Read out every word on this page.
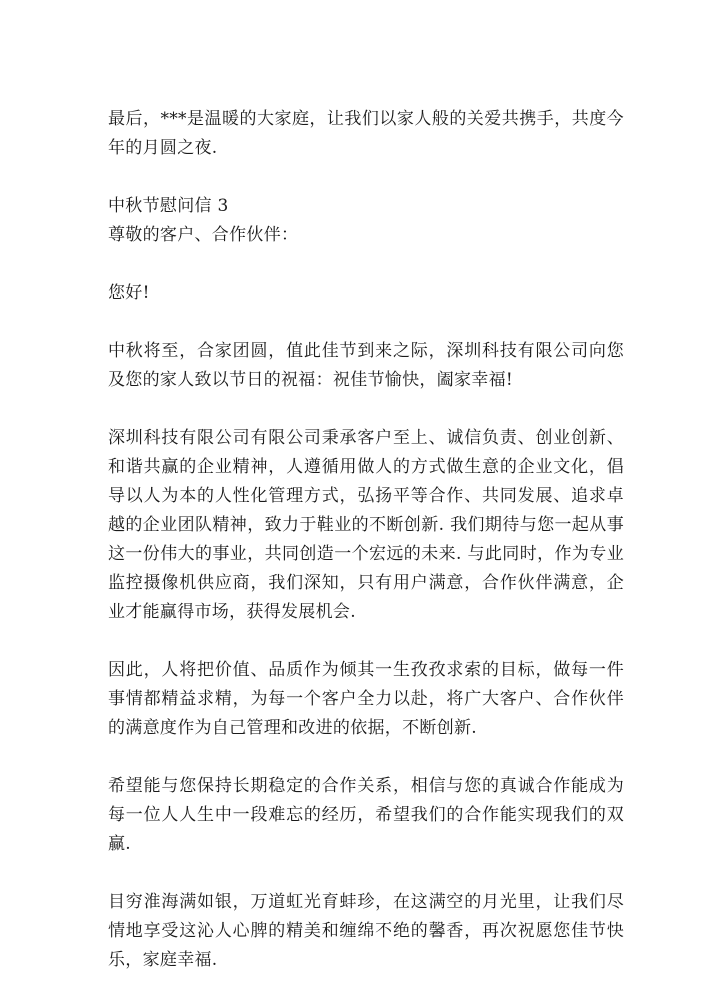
最后，***是温暖的大家庭，让我们以家人般的关爱共携手，共度今年的月圆之夜.

中秋节慰问信 3

尊敬的客户、合作伙伴：

您好!

中秋将至，合家团圆，值此佳节到来之际，深圳科技有限公司向您及您的家人致以节日的祝福：祝佳节愉快，阖家幸福!

深圳科技有限公司有限公司秉承客户至上、诚信负责、创业创新、和谐共赢的企业精神，人遵循用做人的方式做生意的企业文化，倡导以人为本的人性化管理方式，弘扬平等合作、共同发展、追求卓越的企业团队精神，致力于鞋业的不断创新. 我们期待与您一起从事这一份伟大的事业，共同创造一个宏远的未来. 与此同时，作为专业监控摄像机供应商，我们深知，只有用户满意，合作伙伴满意，企业才能赢得市场，获得发展机会.

因此，人将把价值、品质作为倾其一生孜孜求索的目标，做每一件事情都精益求精，为每一个客户全力以赴，将广大客户、合作伙伴的满意度作为自己管理和改进的依据，不断创新.

希望能与您保持长期稳定的合作关系，相信与您的真诚合作能成为每一位人人生中一段难忘的经历，希望我们的合作能实现我们的双赢.

目穷淮海满如银，万道虹光育蚌珍，在这满空的月光里，让我们尽情地享受这沁人心脾的精美和缠绵不绝的馨香，再次祝愿您佳节快乐，家庭幸福.
